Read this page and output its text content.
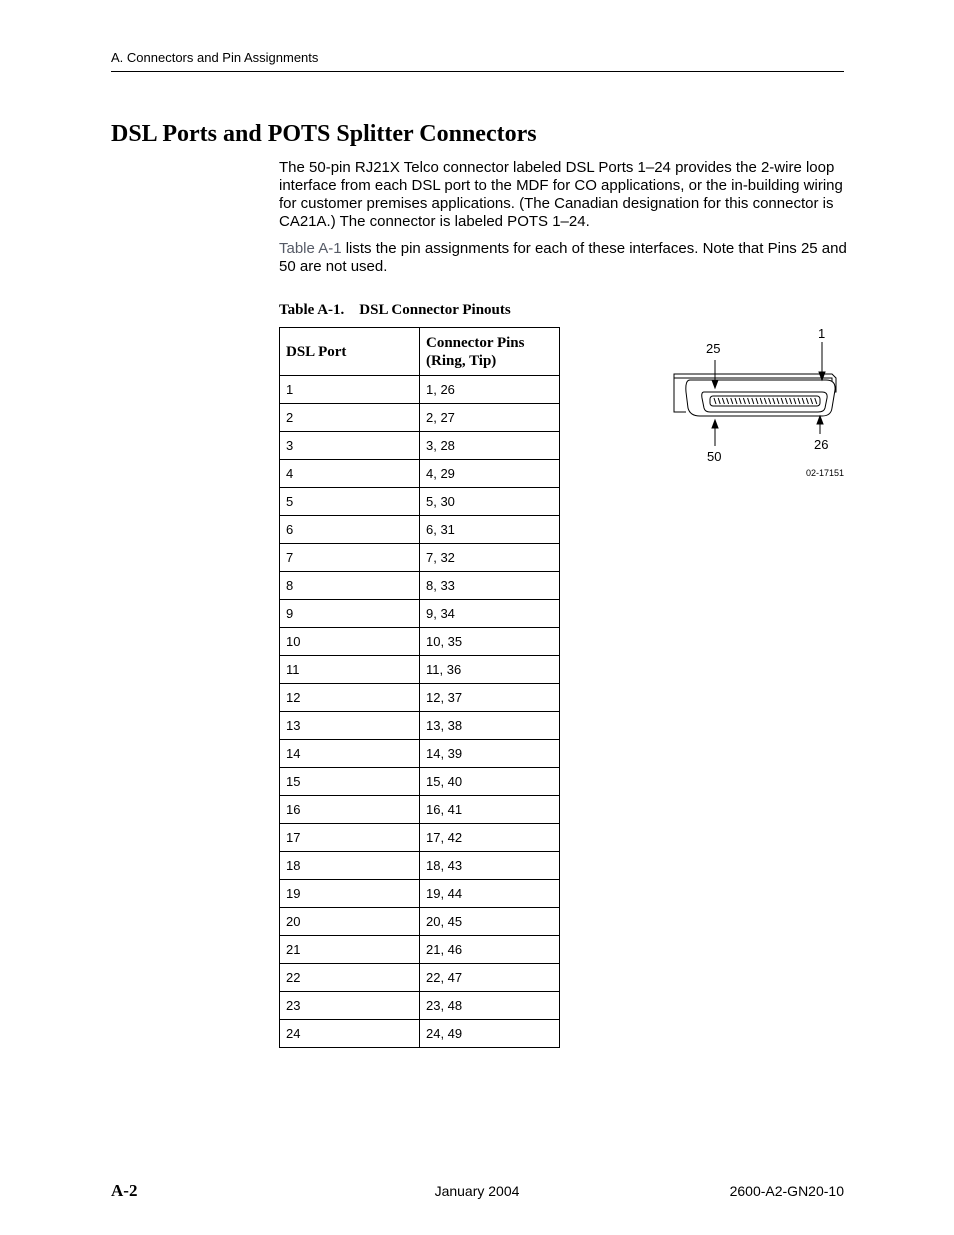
A. Connectors and Pin Assignments
DSL Ports and POTS Splitter Connectors

The 50-pin RJ21X Telco connector labeled DSL Ports 1–24 provides the 2-wire loop interface from each DSL port to the MDF for CO applications, or the in-building wiring for customer premises applications. (The Canadian designation for this connector is CA21A.) The connector is labeled POTS 1–24.

Table A-1 lists the pin assignments for each of these interfaces. Note that Pins 25 and 50 are not used.

Table A-1.    DSL Connector Pinouts
DSL Port	Connector Pins
(Ring, Tip)

1	1, 26
2	2, 27
3	3, 28
4	4, 29
5	5, 30
6	6, 31
7	7, 32
8	8, 33
9	9, 34
10	10, 35
11	11, 36
12	12, 37
13	13, 38
14	14, 39
15	15, 40
16	16, 41
17	17, 42
18	18, 43
19	19, 44
20	20, 45
21	21, 46
22	22, 47
23	23, 48
24	24, 49
1
25
50
26
02-17151
A-2	January 2004	2600-A2-GN20-10
